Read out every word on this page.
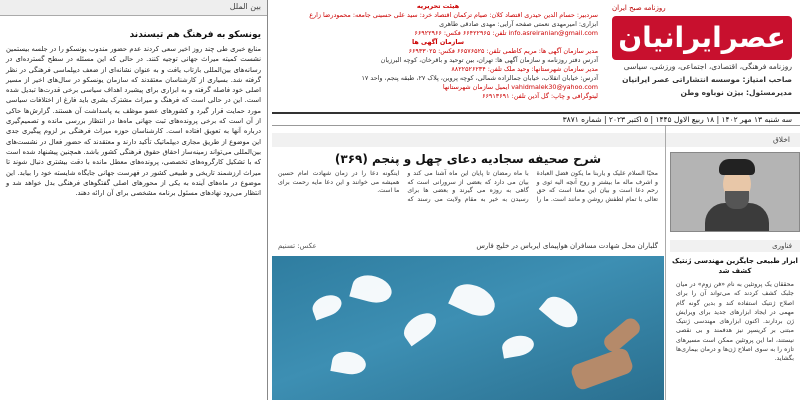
بین الملل
یونسکو به فرهنگ هم تیسندند
منابع خبری طی چند روز اخیر سعی کردند عدم حضور مندوب یونسکو را در جلسه بیستمین نشست کمیته میراث جهانی توجیه کنند. در حالی که این مسئله در سطح گسترده‌ای در رسانه‌های بین‌المللی بازتاب یافت و به عنوان نشانه‌ای از ضعف دیپلماسی فرهنگی در نظر گرفته شد. بسیاری از کارشناسان معتقدند که سازمان یونسکو در سال‌های اخیر از مسیر اصلی خود فاصله گرفته و به ابزاری برای پیشبرد اهداف سیاسی برخی قدرت‌ها تبدیل شده است. این در حالی است که فرهنگ و میراث مشترک بشری باید فارغ از اختلافات سیاسی مورد حمایت قرار گیرد و کشورهای عضو موظف به پاسداشت آن هستند. گزارش‌ها حاکی از آن است که برخی پرونده‌های ثبت جهانی ماه‌ها در انتظار بررسی مانده و تصمیم‌گیری درباره آنها به تعویق افتاده است. کارشناسان حوزه میراث فرهنگی بر لزوم پیگیری جدی این موضوع از طریق مجاری دیپلماتیک تأکید دارند و معتقدند که حضور فعال در نشست‌های بین‌المللی می‌تواند زمینه‌ساز احقاق حقوق فرهنگی کشور باشد. همچنین پیشنهاد شده است که با تشکیل کارگروه‌های تخصصی، پرونده‌های معطل مانده با دقت بیشتری دنبال شوند تا میراث ارزشمند تاریخی و طبیعی کشور در فهرست جهانی جایگاه شایسته خود را بیابد. این موضوع در ماه‌های آینده به یکی از محورهای اصلی گفتگوهای فرهنگی بدل خواهد شد و انتظار می‌رود نهادهای مسئول برنامه مشخصی برای آن ارائه دهند.
روزنامه صبح ایران
عصرایرانیان
روزنامه فرهنگی، اقتصادی، اجتماعی، ورزشی، سیاسی
صاحب امتیاز: موسسه انتشاراتی عصر ایرانیان
مدیرمسئول: بیژن نوباوه وطن
هیئت تحریریه
سردبیر: حسام الدین حیدری اقتصاد کلان: صیام ترکمان اقتصاد خرد: سید علی حسینی جامعه: محمودرضا زارع
ابزاری: امیرمهدی نعمتی صفحه آرایی: مهدی صادقی طاهری
info.asreiranian@gmail.com تلفن: ۶۶۴۲۲۹۶۵ فکس: ۶۶۹۲۲۹۶۶
سازمان آگهی ها
مدیر سازمان آگهی ها: مریم کاظمی تلفن: ۶۶۵۷۶۵۲۵ فکس: ۶۶۹۳۳۰۲۵
آدرس دفتر روزنامه و سازمان آگهی ها: تهران، بین توحید و باقرخان، کوچه البرزیان
مدیر سازمان شهرستانها: وحید ملک تلفن: ۸۸۲۲۵۲۶۲۳۴
آدرس: خیابان انقلاب، خیابان جمالزاده شمالی، کوچه پروین، پلاک ۲۷، طبقه پنجم، واحد ۱۷
vahidmalek30@yahoo.com ایمیل سازمان شهرستانها
لیتوگرافی و چاپ: گل آذین تلفن: ۶۶۹۱۳۶۹۱
سه شنبه ۱۳ مهر ۱۴۰۲ | ۱۸ ربیع الاول ۱۴۴۵ | ۵ اکتبر ۲۰۲۳ | شماره ۳۸۷۱
اخلاق
شرح صحیفه سجادیه دعای چهل و پنجم (۳۶۹)
محیّا السلام علیک و یاربنا ما یکون فضل العبادة و اشرف ماله ما بیشتر و روح آنچه الیه ثوی و رحم دعا است و بیان این معنا است که حق تعالی با تمام لطفش روشن و مانند است. ما را با ماه رمضان تا پایان این ماه آشنا می کند و بیان می دارد که بعضی از سرورانی است که گاهی به روزه می گیرند و بعضی ها برای رسیدن به خیر به مقام ولایت می رسند که اینگونه دعا را در زمان شهادت امام حسین همیشه می خوانند و این دعا مایه رحمت برای ما است.
گلباران محل شهادت مسافران هواپیمای ایرباس در خلیج فارس
عکس: تسنیم	فناوری
ابزار طبیعی جایگزین مهندسی ژنتیک کشف شد
محققان یک پروتئین به نام «فن زوم» در میان جلبک کشف کردند که می‌تواند آن را برای اصلاح ژنتیک استفاده کند و بدین گونه گام مهمی در ایجاد ابزارهای جدید برای ویرایش ژن بردارند. اکنون ابزارهای مهندسی ژنتیک مبتنی بر کریسپر نیز هدفمند و بی نقصی نیستند، اما این پروتئین ممکن است مسیرهای تازه را به سوی اصلاح ژن‌ها و درمان بیماری‌ها بگشاید.
